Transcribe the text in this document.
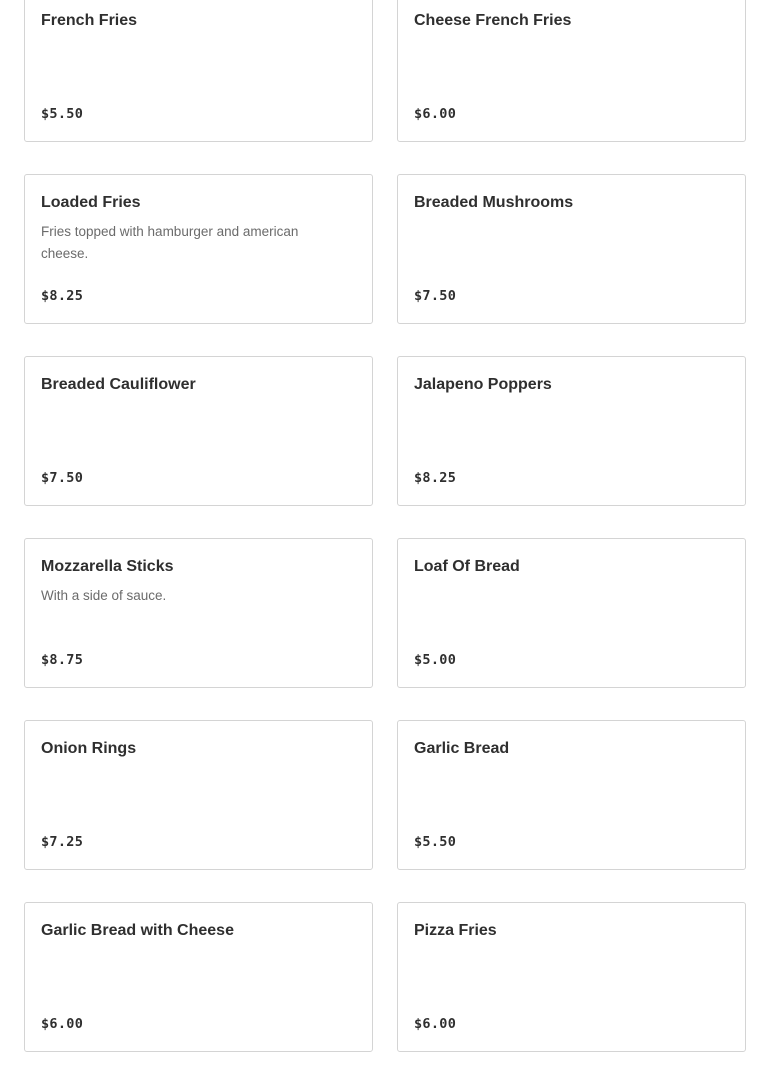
French Fries
$5.50
Cheese French Fries
$6.00
Loaded Fries
Fries topped with hamburger and american cheese.
$8.25
Breaded Mushrooms
$7.50
Breaded Cauliflower
$7.50
Jalapeno Poppers
$8.25
Mozzarella Sticks
With a side of sauce.
$8.75
Loaf Of Bread
$5.00
Onion Rings
$7.25
Garlic Bread
$5.50
Garlic Bread with Cheese
$6.00
Pizza Fries
$6.00
